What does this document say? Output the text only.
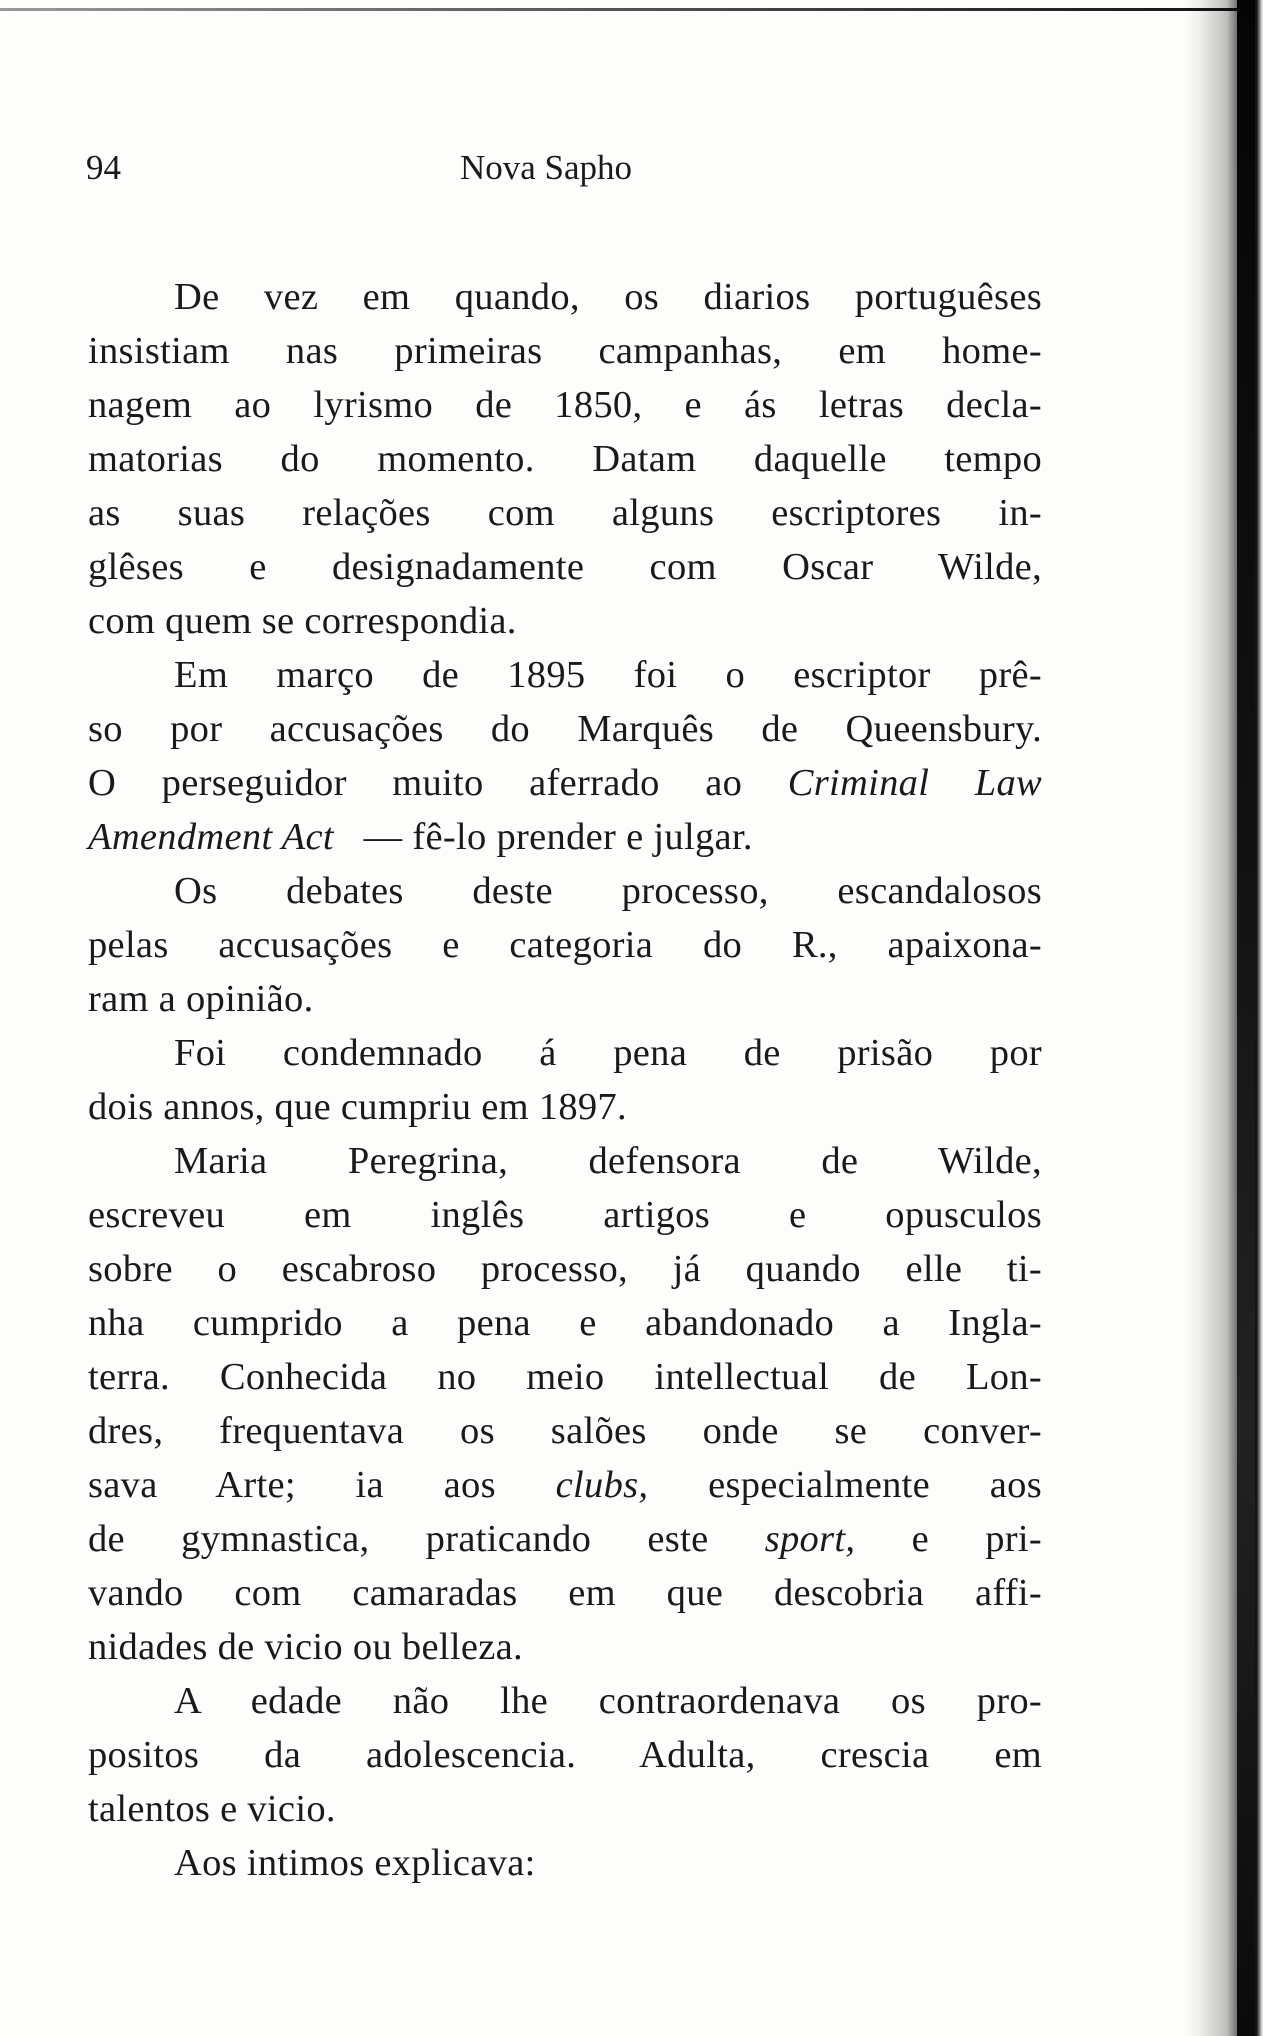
94	Nova Sapho
De vez em quando, os diarios portuguêses
insistiam nas primeiras campanhas, em home-
nagem ao lyrismo de 1850, e ás letras decla-
matorias do momento. Datam daquelle tempo
as suas relações com alguns escriptores in-
glêses e designadamente com Oscar Wilde,
com quem se correspondia.
Em março de 1895 foi o escriptor prê-
so por accusações do Marquês de Queensbury.
O perseguidor muito aferrado ao Criminal Law
Amendment Act — fê-lo prender e julgar.
Os debates deste processo, escandalosos
pelas accusações e categoria do R., apaixona-
ram a opinião.
Foi condemnado á pena de prisão por
dois annos, que cumpriu em 1897.
Maria Peregrina, defensora de Wilde,
escreveu em inglês artigos e opusculos
sobre o escabroso processo, já quando elle ti-
nha cumprido a pena e abandonado a Ingla-
terra. Conhecida no meio intellectual de Lon-
dres, frequentava os salões onde se conver-
sava Arte; ia aos clubs, especialmente aos
de gymnastica, praticando este sport, e pri-
vando com camaradas em que descobria affi-
nidades de vicio ou belleza.
A edade não lhe contraordenava os pro-
positos da adolescencia. Adulta, crescia em
talentos e vicio.
Aos intimos explicava:
